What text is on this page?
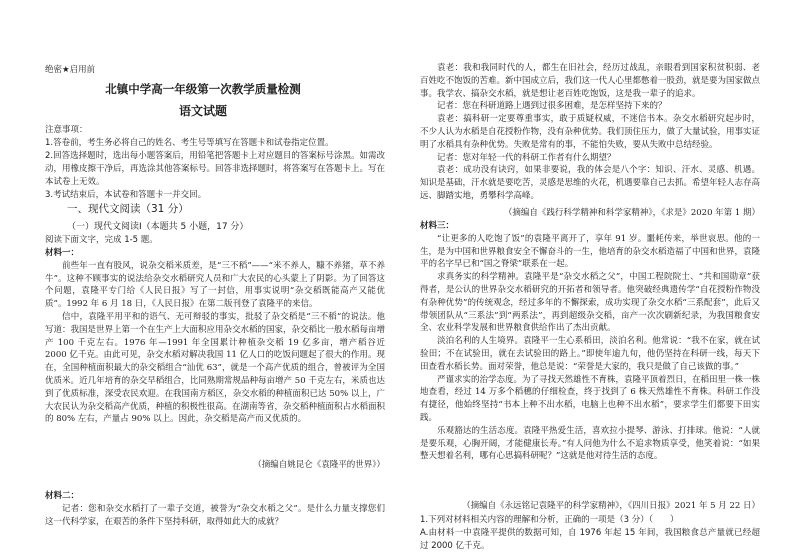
绝密★启用前
北镇中学高一年级第一次教学质量检测
语文试题
注意事项：
1.答卷前，考生务必将自己的姓名、考生号等填写在答题卡和试卷指定位置。
2.回答选择题时，选出每小题答案后，用铅笔把答题卡上对应题目的答案标号涂黑。如需改动，用橡皮擦干净后，再选涂其他答案标号。回答非选择题时，将答案写在答题卡上。写在本试卷上无效。
3.考试结束后，本试卷和答题卡一并交回。
一、现代文阅读（31 分）
（一）现代文阅读Ⅰ（本题共 5 小题，17 分）
阅读下面文字，完成 1-5 题。
材料一：

前些年一直有股风，说杂交稻米质差，是“三不稻”——“米不养人，糠不养猪，草不养牛”。这种不顾事实的说法给杂交水稻研究人员和广大农民的心头蒙上了阴影。为了回答这个问题，袁隆平专门给《人民日报》写了一封信，用事实说明“杂交稻既能高产又能优质”。1992 年 6 月 18 日，《人民日报》在第二版刊登了袁隆平的来信。

信中，袁隆平用平和的语气、无可辩驳的事实，批驳了杂交稻是“三不稻”的说法。他写道：我国是世界上第一个在生产上大面积应用杂交水稻的国家，杂交稻比一般水稻每亩增产 100 千克左右。1976 年—1991 年全国累计种植杂交稻 19 亿多亩，增产稻谷近 2000 亿千克。由此可见，杂交水稻对解决我国 11 亿人口的吃饭问题起了很大的作用。现在，全国种植面积最大的杂交稻组合“汕优 63”，就是一个高产优质的组合，曾被评为全国优质米。近几年培育的杂交早稻组合，比同熟期常规品种每亩增产 50 千克左右，米质也达到了优质标准，深受农民欢迎。在我国南方稻区，杂交水稻的种植面积已达 50% 以上，广大农民认为杂交稻高产优质，种植的积极性很高。在湖南等省，杂交稻种植面积占水稻面积的 80% 左右，产量占 90% 以上。因此，杂交稻是高产而又优质的。

（摘编自姚昆仑《袁隆平的世界》）
材料二：

记者：您和杂交水稻打了一辈子交道，被誉为“杂交水稻之父”。是什么力量支撑您们这一代科学家，在艰苦的条件下坚持科研，取得如此大的成就？

袁老：我和我同时代的人，都生在旧社会，经历过战乱，亲眼看到国家积贫积弱、老百姓吃不饱饭的苦难。新中国成立后，我们这一代人心里都憋着一股劲，就是要为国家做点事。我学农、搞杂交水稻，就是想让老百姓吃饱饭，这是我一辈子的追求。

记者：您在科研道路上遇到过很多困难，是怎样坚持下来的？

袁老：搞科研一定要尊重事实，敢于质疑权威，不迷信书本。杂交水稻研究起步时，不少人认为水稻是自花授粉作物，没有杂种优势。我们顶住压力，做了大量试验，用事实证明了水稻具有杂种优势。失败是常有的事，不能怕失败，要从失败中总结经验。

记者：您对年轻一代的科研工作者有什么期望？

袁老：成功没有诀窍，如果非要说，我的体会是八个字：知识、汗水、灵感、机遇。知识是基础，汗水就是要吃苦，灵感是思维的火花，机遇要靠自己去抓。希望年轻人志存高远、脚踏实地，勇攀科学高峰。

（摘编自《践行科学精神和科学家精神》，《求是》2020 年第 1 期）
材料三：

“让更多的人吃饱了饭”的袁隆平离开了，享年 91 岁。噩耗传来，举世哀思。他的一生，是为中国和世界粮食安全不懈奋斗的一生，他培育的杂交水稻造福了中国和世界，袁隆平的名字早已和“国之脊梁”联系在一起。

求真务实的科学精神。袁隆平是“杂交水稻之父”，中国工程院院士、“共和国勋章”获得者，是公认的世界杂交水稻研究的开拓者和领导者。他突破经典遗传学“自花授粉作物没有杂种优势”的传统观念，经过多年的不懈探索，成功实现了杂交水稻“三系配套”，此后又带领团队从“三系法”到“两系法”，再到超级杂交稻，亩产一次次刷新纪录，为我国粮食安全、农业科学发展和世界粮食供给作出了杰出贡献。

淡泊名利的人生境界。袁隆平一生心系稻田，淡泊名利。他常说：“我不在家，就在试验田；不在试验田，就在去试验田的路上。”即使年逾九旬，他仍坚持在科研一线，每天下田查看水稻长势。面对荣誉，他总是说：“荣誉是大家的，我只是做了自己该做的事。”

严谨求实的治学态度。为了寻找天然雄性不育株，袁隆平顶着烈日，在稻田里一株一株地查看，经过 14 万多个稻穗的仔细检查，终于找到了 6 株天然雄性不育株。科研工作没有捷径，他始终坚持“书本上种不出水稻，电脑上也种不出水稻”，要求学生们都要下田实践。

乐观豁达的生活态度。袁隆平热爱生活，喜欢拉小提琴、游泳、打排球。他说：“人就是要乐观，心胸开阔，才能健康长寿。”有人问他为什么不追求物质享受，他笑着说：“如果整天想着名利，哪有心思搞科研呢？”这就是他对待生活的态度。

（摘编自《永远铭记袁隆平的科学家精神》，《四川日报》2021 年 5 月 22 日）

1.下列对材料相关内容的理解和分析，正确的一项是（3 分）（　　）

A.由材料一中袁隆平提供的数据可知，自 1976 年起 15 年间，我国粮食总产量就已经超过 2000 亿千克。
